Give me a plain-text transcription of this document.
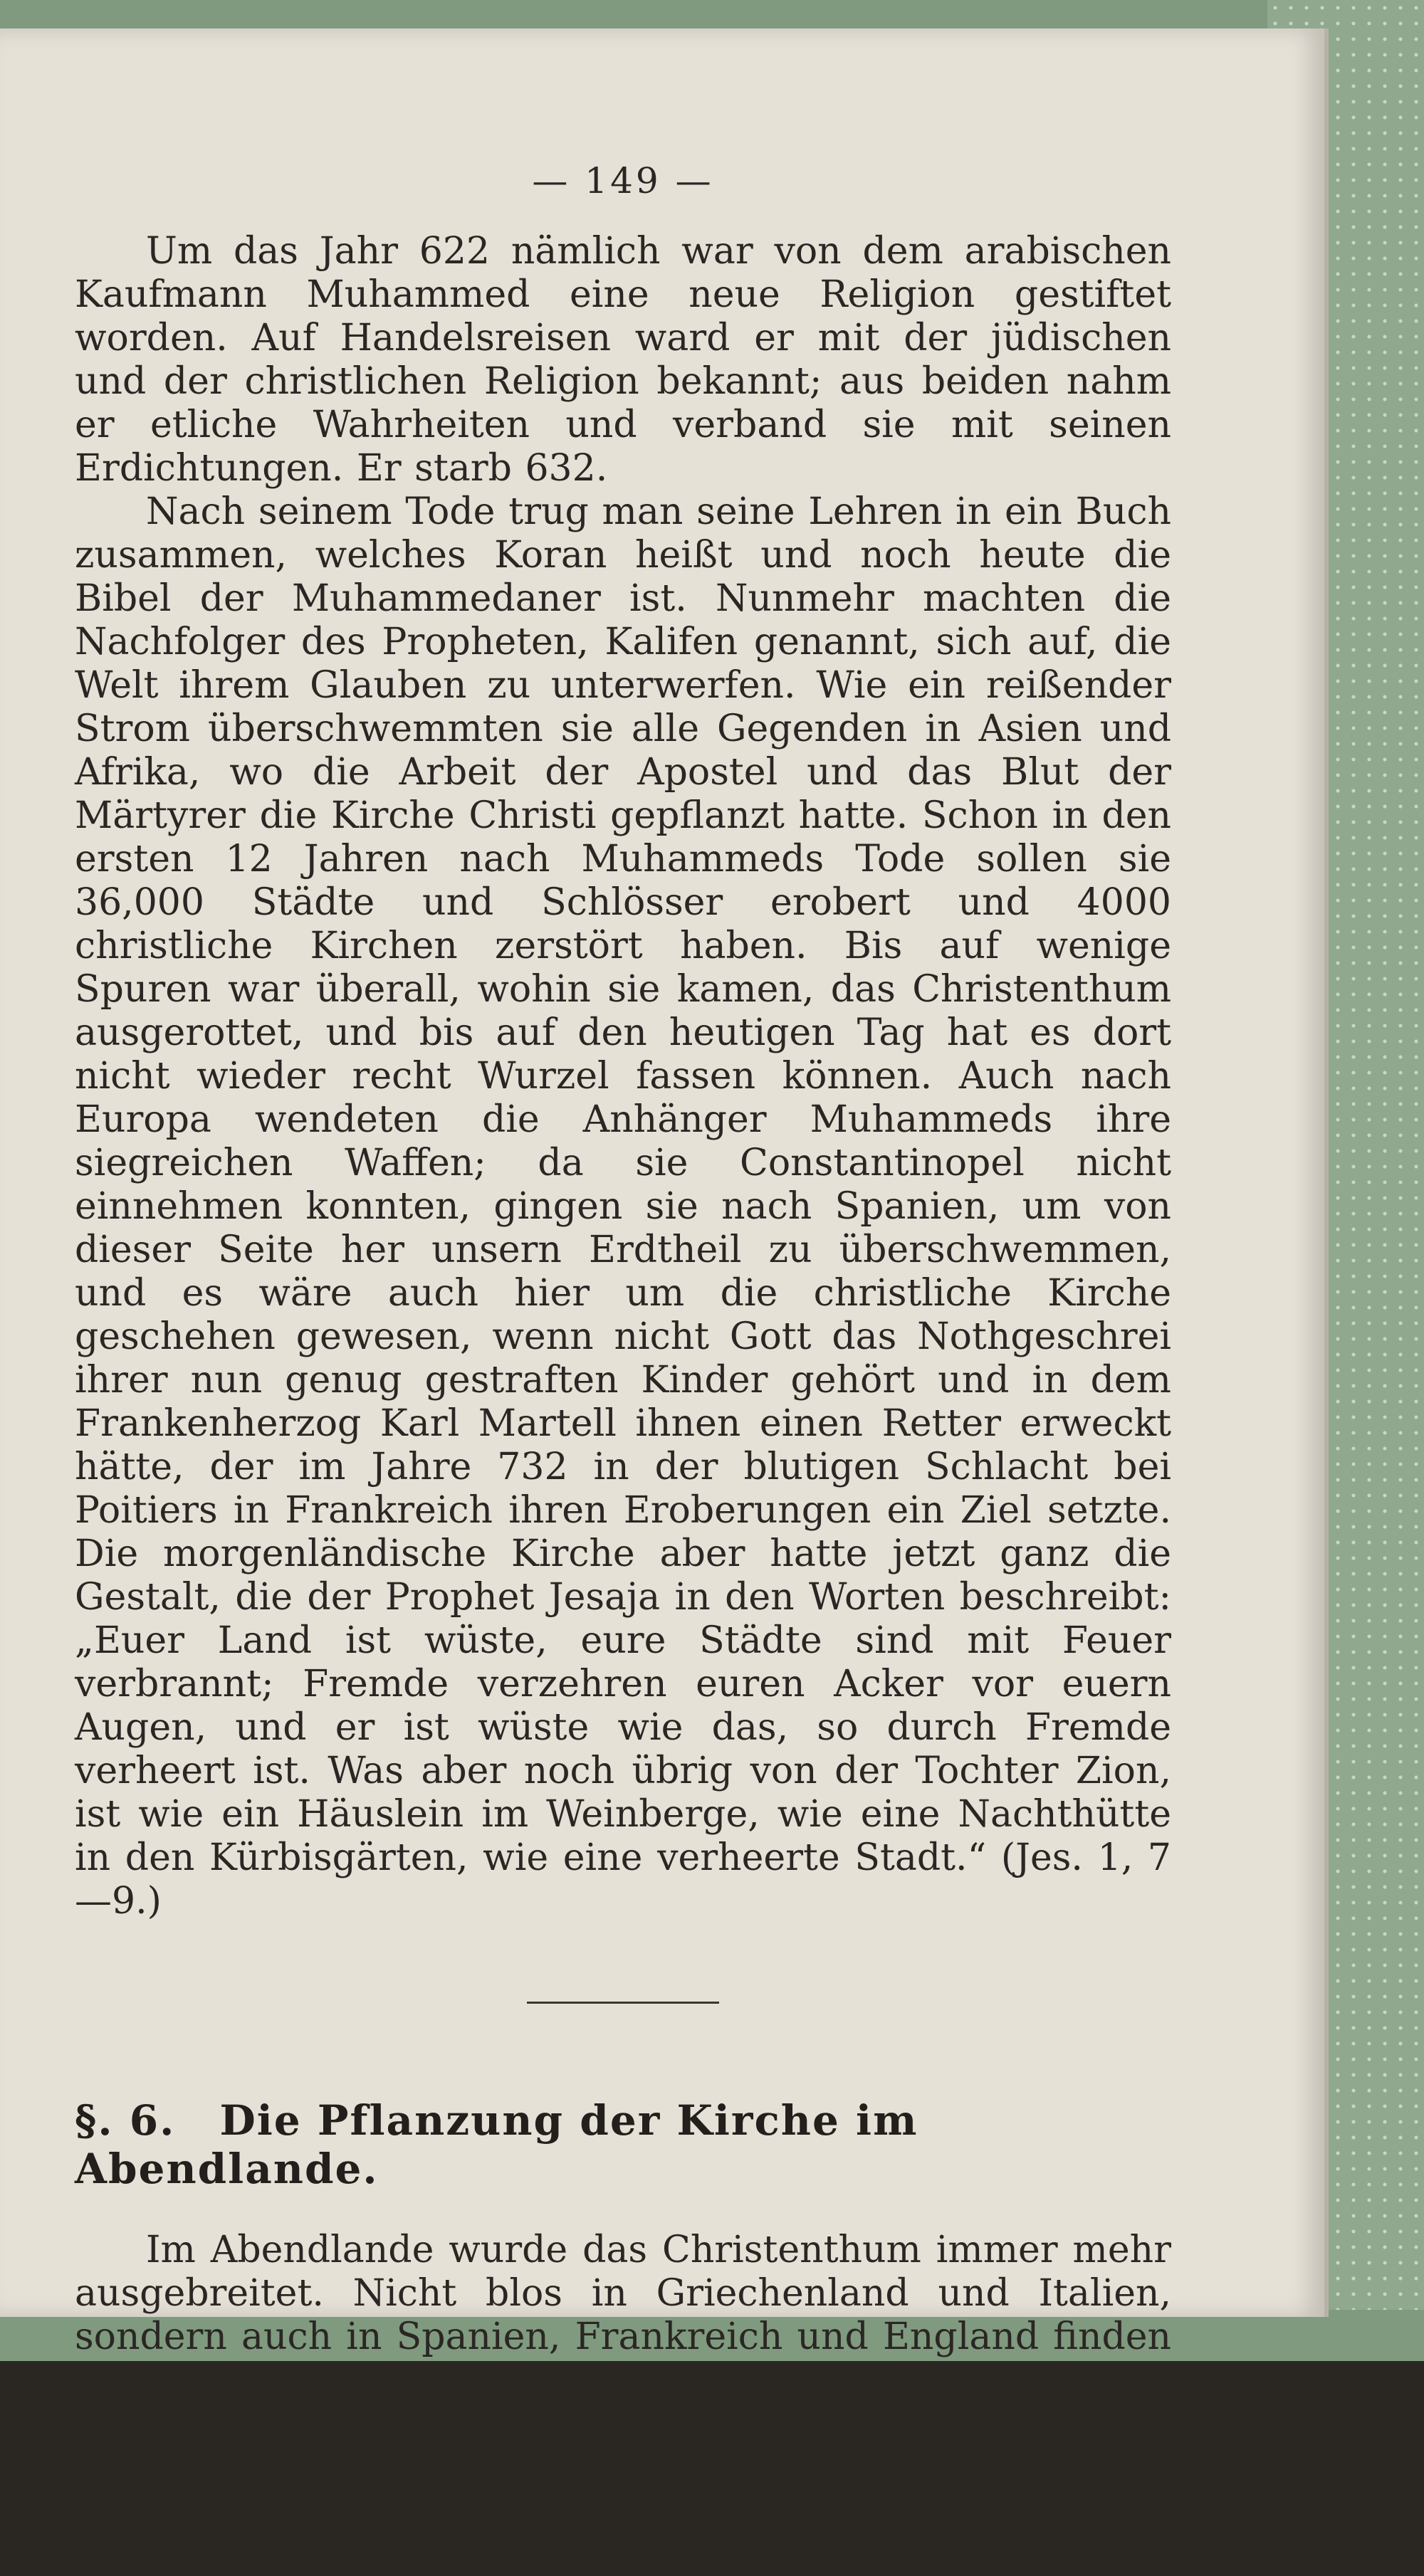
— 149 —

Um das Jahr 622 nämlich war von dem arabischen Kaufmann Muhammed eine neue Religion gestiftet worden. Auf Handelsreisen ward er mit der jüdischen und der christlichen Religion bekannt; aus beiden nahm er etliche Wahrheiten und verband sie mit seinen Erdichtungen. Er starb 632.

Nach seinem Tode trug man seine Lehren in ein Buch zusammen, welches Koran heißt und noch heute die Bibel der Muhammedaner ist. Nunmehr machten die Nachfolger des Propheten, Kalifen genannt, sich auf, die Welt ihrem Glauben zu unterwerfen. Wie ein reißender Strom überschwemmten sie alle Gegenden in Asien und Afrika, wo die Arbeit der Apostel und das Blut der Märtyrer die Kirche Christi gepflanzt hatte. Schon in den ersten 12 Jahren nach Muhammeds Tode sollen sie 36,000 Städte und Schlösser erobert und 4000 christliche Kirchen zerstört haben. Bis auf wenige Spuren war überall, wohin sie kamen, das Christenthum ausgerottet, und bis auf den heutigen Tag hat es dort nicht wieder recht Wurzel fassen können. Auch nach Europa wendeten die Anhänger Muhammeds ihre siegreichen Waffen; da sie Constantinopel nicht einnehmen konnten, gingen sie nach Spanien, um von dieser Seite her unsern Erdtheil zu überschwemmen, und es wäre auch hier um die christliche Kirche geschehen gewesen, wenn nicht Gott das Nothgeschrei ihrer nun genug gestraften Kinder gehört und in dem Frankenherzog Karl Martell ihnen einen Retter erweckt hätte, der im Jahre 732 in der blutigen Schlacht bei Poitiers in Frankreich ihren Eroberungen ein Ziel setzte. Die morgenländische Kirche aber hatte jetzt ganz die Gestalt, die der Prophet Jesaja in den Worten beschreibt: „Euer Land ist wüste, eure Städte sind mit Feuer verbrannt; Fremde verzehren euren Acker vor euern Augen, und er ist wüste wie das, so durch Fremde verheert ist. Was aber noch übrig von der Tochter Zion, ist wie ein Häuslein im Weinberge, wie eine Nachthütte in den Kürbisgärten, wie eine verheerte Stadt.“ (Jes. 1, 7—9.)

§. 6. Die Pflanzung der Kirche im Abendlande.

Im Abendlande wurde das Christenthum immer mehr ausgebreitet. Nicht blos in Griechenland und Italien, sondern auch in Spanien, Frankreich und England finden sich schon sehr frühe Spuren des Christenthums, namentlich auch in unsern Rheingegenden, die schon vor Christi Geburt den Römern unterworfen waren und römische Pflanzstädte, römische Bildung und Sprache und römische Besatzung hatten. Es waren unter den
